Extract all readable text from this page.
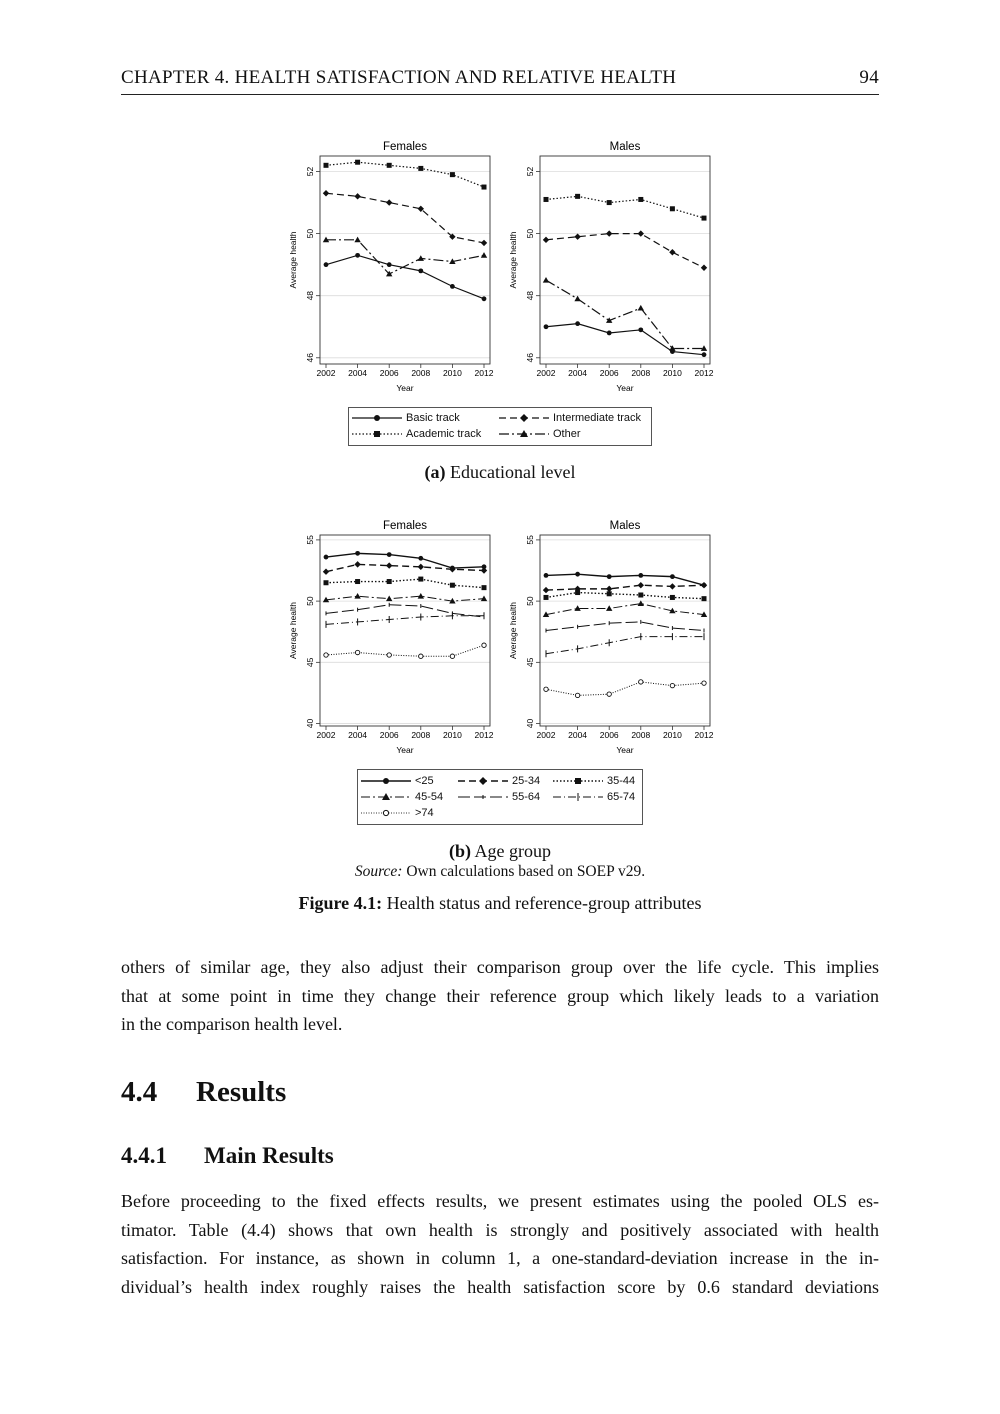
CHAPTER 4. HEALTH SATISFACTION AND RELATIVE HEALTH	94
Females
46
48
50
52
Average health
2002 2004 2006 2008 2010 2012
Year
Males
46
48
50
52
Average health
2002 2004 2006 2008 2010 2012
Year
Females
40
45
50
55
Average health
2002 2004 2006 2008 2010 2012
Year
Males
40
45
50
55
Average health
2002 2004 2006 2008 2010 2012
Year
Basic track	Intermediate track
Academic track	Other
(a) Educational level
<25	25-34	35-44
45-54	55-64	65-74
>74
(b) Age group
Source: Own calculations based on SOEP v29.
Figure 4.1: Health status and reference-group attributes
others of similar age, they also adjust their comparison group over the life cycle. This implies
that at some point in time they change their reference group which likely leads to a variation
in the comparison health level.
4.4 Results
4.4.1 Main Results
Before proceeding to the fixed effects results, we present estimates using the pooled OLS es-
timator. Table (4.4) shows that own health is strongly and positively associated with health
satisfaction. For instance, as shown in column 1, a one-standard-deviation increase in the in-
dividual’s health index roughly raises the health satisfaction score by 0.6 standard deviations
